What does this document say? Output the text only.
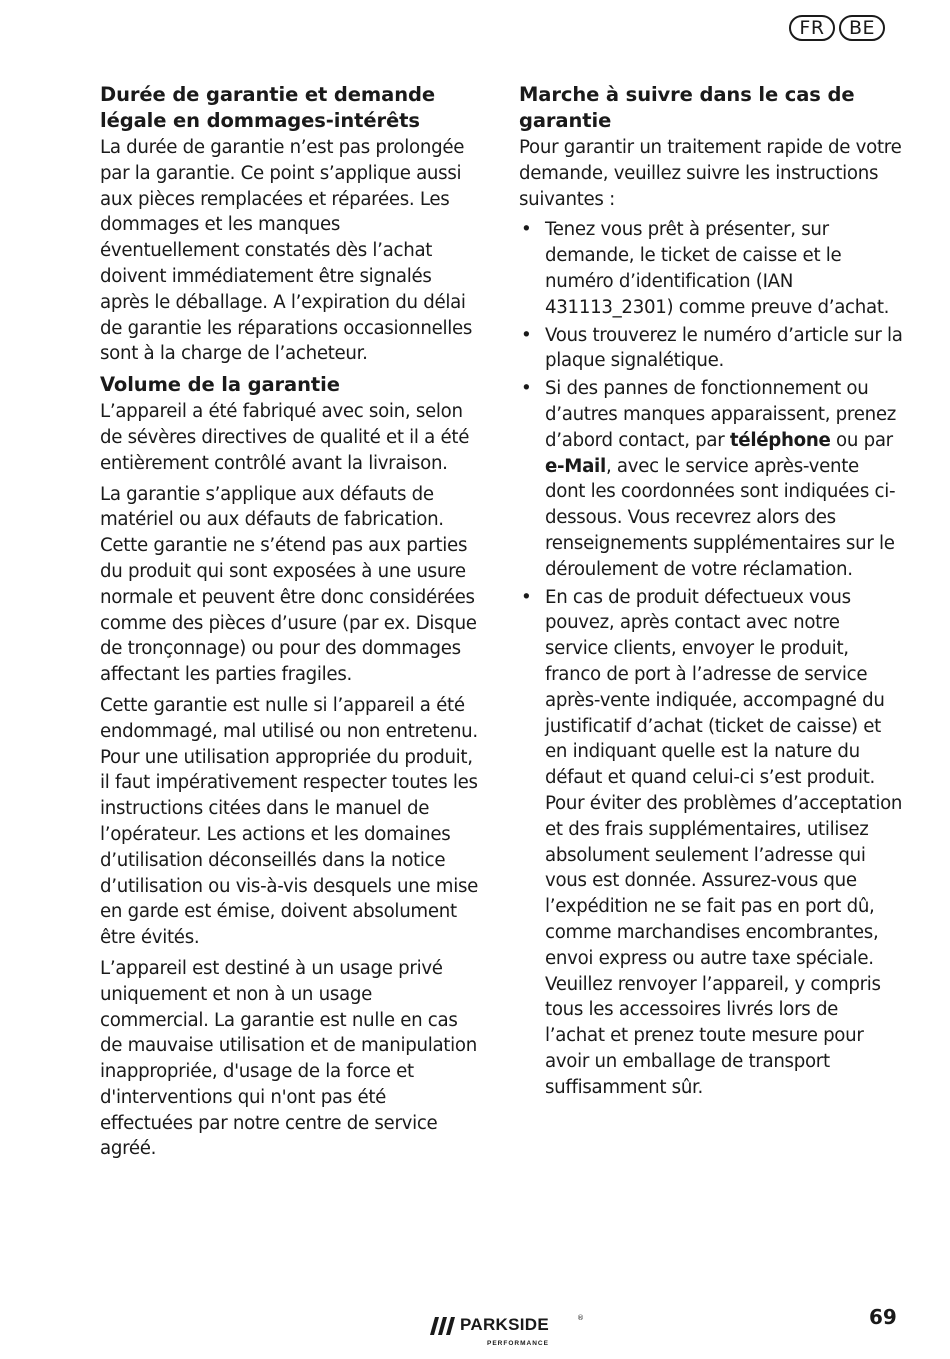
FR	BE
Durée de garantie et demande
légale en dommages-intérêts

La durée de garantie n’est pas prolongée par la garantie. Ce point s’applique aussi aux pièces remplacées et réparées. Les dommages et les manques éventuellement constatés dès l’achat doivent immédiatement être signalés après le déballage. A l’expiration du délai de garantie les réparations occasionnelles sont à la charge de l’acheteur.

Volume de la garantie

L’appareil a été fabriqué avec soin, selon de sévères directives de qualité et il a été entièrement contrôlé avant la livraison.

La garantie s’applique aux défauts de matériel ou aux défauts de fabrication. Cette garantie ne s’étend pas aux parties du produit qui sont exposées à une usure normale et peuvent être donc considérées comme des pièces d’usure (par ex. Disque de tronçonnage) ou pour des dommages affectant les parties fragiles.

Cette garantie est nulle si l’appareil a été endommagé, mal utilisé ou non entretenu. Pour une utilisation appropriée du produit, il faut impérativement respecter toutes les instructions citées dans le manuel de l’opérateur. Les actions et les domaines d’utilisation déconseillés dans la notice d’utilisation ou vis-à-vis desquels une mise en garde est émise, doivent absolument être évités.

L’appareil est destiné à un usage privé uniquement et non à un usage commercial. La garantie est nulle en cas de mauvaise utilisation et de manipulation inappropriée, d'usage de la force et d'interventions qui n'ont pas été effectuées par notre centre de service agréé.

Marche à suivre dans le cas de
garantie

Pour garantir un traitement rapide de votre demande, veuillez suivre les instructions suivantes :

• Tenez vous prêt à présenter, sur demande, le ticket de caisse et le numéro d’identification (IAN 431113_2301) comme preuve d’achat.
• Vous trouverez le numéro d’article sur la plaque signalétique.
• Si des pannes de fonctionnement ou d’autres manques apparaissent, prenez d’abord contact, par téléphone ou par e-Mail, avec le service après-vente dont les coordonnées sont indiquées ci-dessous. Vous recevrez alors des renseignements supplémentaires sur le déroulement de votre réclamation.
• En cas de produit défectueux vous pouvez, après contact avec notre service clients, envoyer le produit, franco de port à l’adresse de service après-vente indiquée, accompagné du justificatif d’achat (ticket de caisse) et en indiquant quelle est la nature du défaut et quand celui-ci s’est produit. Pour éviter des problèmes d’acceptation et des frais supplémentaires, utilisez absolument seulement l’adresse qui vous est donnée. Assurez-vous que l’expédition ne se fait pas en port dû, comme marchandises encombrantes, envoi express ou autre taxe spéciale. Veuillez renvoyer l’appareil, y compris tous les accessoires livrés lors de l’achat et prenez toute mesure pour avoir un emballage de transport suffisamment sûr.
PARKSIDE	®
PERFORMANCE
69
